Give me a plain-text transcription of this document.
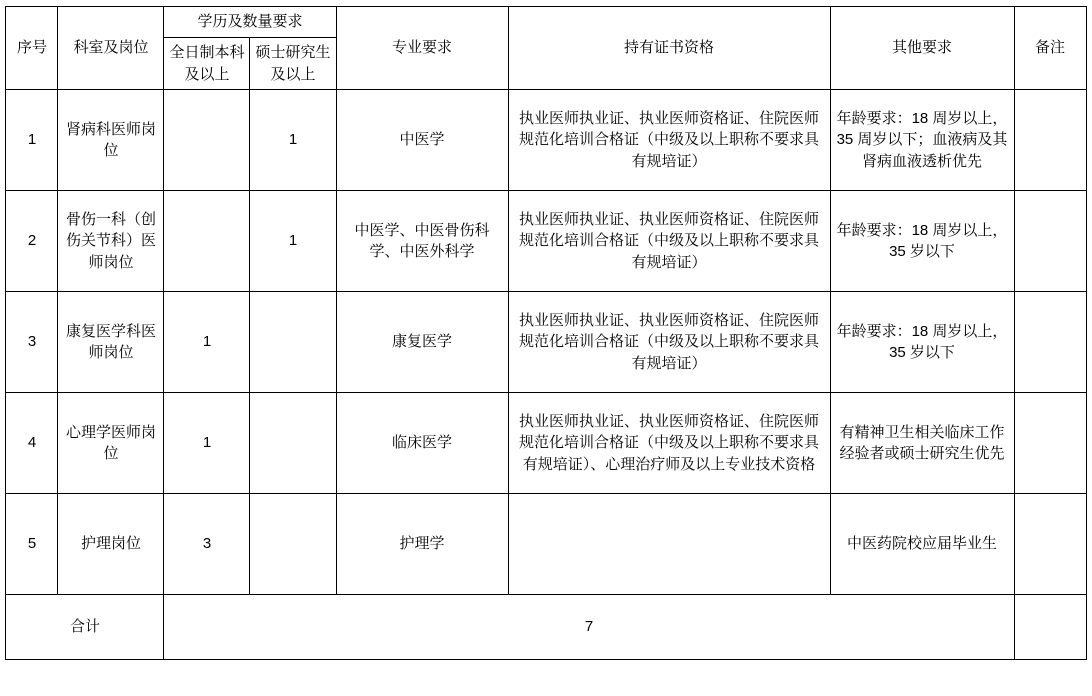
序号	科室及岗位	学历及数量要求		专业要求	持有证书资格	其他要求	备注
		全日制本科及以上	硕士研究生及以上				
1	肾病科医师岗位		1	中医学	执业医师执业证、执业医师资格证、住院医师规范化培训合格证（中级及以上职称不要求具有规培证）	年龄要求：18 周岁以上，35 周岁以下；血液病及其肾病血液透析优先	
2	骨伤一科（创伤关节科）医师岗位		1	中医学、中医骨伤科学、中医外科学	执业医师执业证、执业医师资格证、住院医师规范化培训合格证（中级及以上职称不要求具有规培证）	年龄要求：18 周岁以上，35 岁以下	
3	康复医学科医师岗位	1		康复医学	执业医师执业证、执业医师资格证、住院医师规范化培训合格证（中级及以上职称不要求具有规培证）	年龄要求：18 周岁以上，35 岁以下	
4	心理学医师岗位	1		临床医学	执业医师执业证、执业医师资格证、住院医师规范化培训合格证（中级及以上职称不要求具有规培证）、心理治疗师及以上专业技术资格	有精神卫生相关临床工作经验者或硕士研究生优先	
5	护理岗位	3		护理学		中医药院校应届毕业生	
合计		7					
